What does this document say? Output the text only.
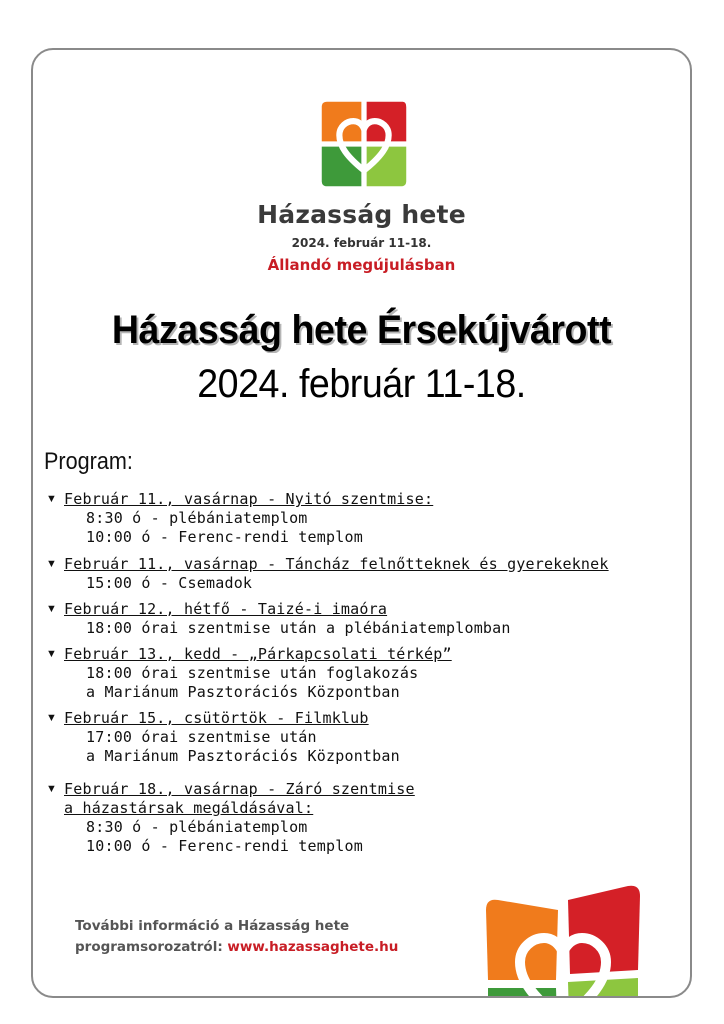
Házasság hete
2024. február 11-18.
Állandó megújulásban
Házasság hete Érsekújvárott
2024. február 11-18.
Program:
▼ Február 11., vasárnap - Nyitó szentmise:
8:30 ó - plébániatemplom
10:00 ó - Ferenc-rendi templom
▼ Február 11., vasárnap - Táncház felnőtteknek és gyerekeknek
15:00 ó - Csemadok
▼ Február 12., hétfő - Taizé-i imaóra
18:00 órai szentmise után a plébániatemplomban
▼ Február 13., kedd - „Párkapcsolati térkép”
18:00 órai szentmise után foglakozás
a Mariánum Pasztorációs Központban
▼ Február 15., csütörtök - Filmklub
17:00 órai szentmise után
a Mariánum Pasztorációs Központban
▼ Február 18., vasárnap - Záró szentmise
a házastársak megáldásával:
8:30 ó - plébániatemplom
10:00 ó - Ferenc-rendi templom
További információ a Házasság hete
programsorozatról: www.hazassaghete.hu
